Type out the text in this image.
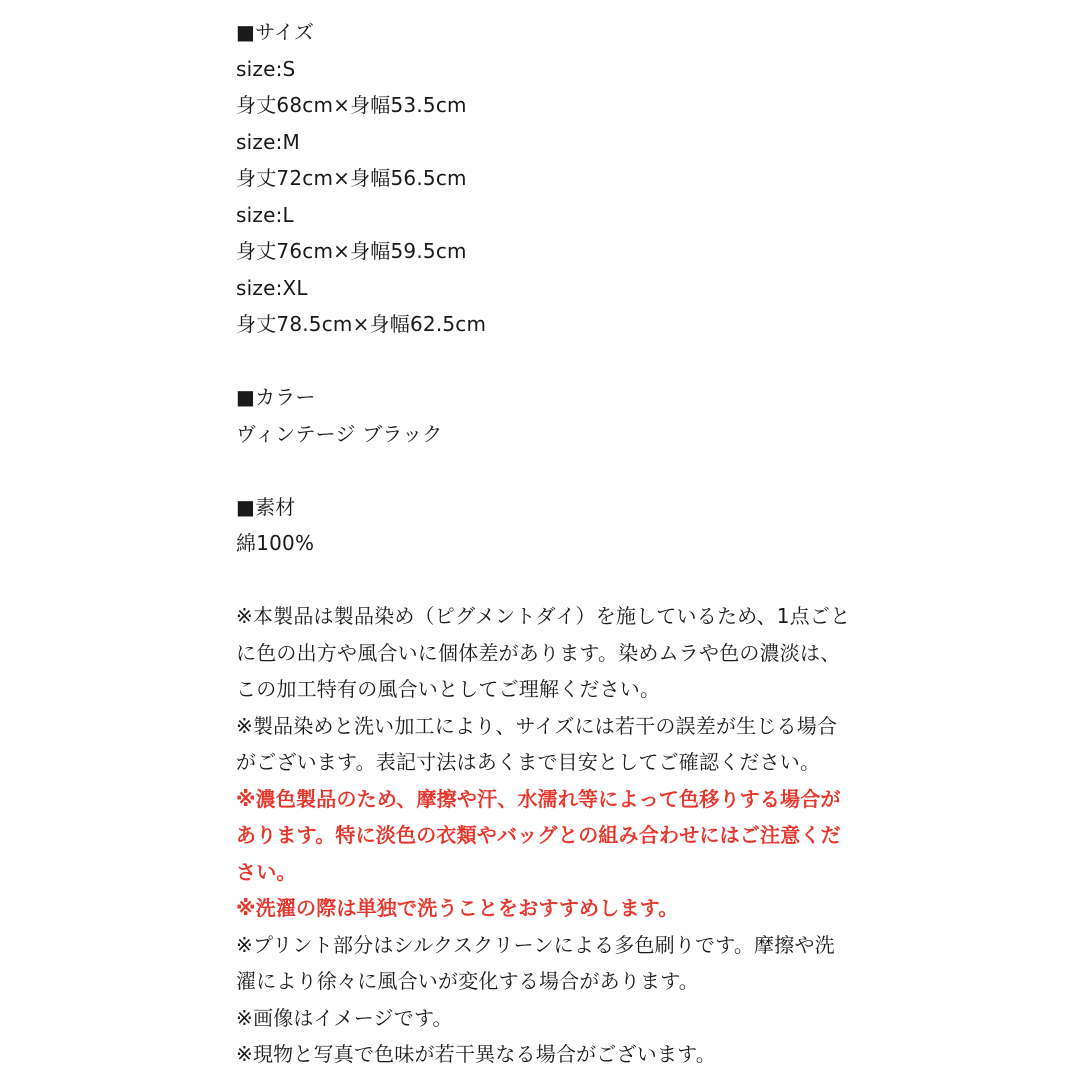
■サイズ
size:S
身丈68cm×身幅53.5cm
size:M
身丈72cm×身幅56.5cm
size:L
身丈76cm×身幅59.5cm
size:XL
身丈78.5cm×身幅62.5cm
■カラー
ヴィンテージ ブラック
■素材
綿100%
※本製品は製品染め（ピグメントダイ）を施しているため、1点ごと
に色の出方や風合いに個体差があります。染めムラや色の濃淡は、
この加工特有の風合いとしてご理解ください。
※製品染めと洗い加工により、サイズには若干の誤差が生じる場合
がございます。表記寸法はあくまで目安としてご確認ください。
※濃色製品のため、摩擦や汗、水濡れ等によって色移りする場合が
あります。特に淡色の衣類やバッグとの組み合わせにはご注意くだ
さい。
※洗濯の際は単独で洗うことをおすすめします。
※プリント部分はシルクスクリーンによる多色刷りです。摩擦や洗
濯により徐々に風合いが変化する場合があります。
※画像はイメージです。
※現物と写真で色味が若干異なる場合がございます。
